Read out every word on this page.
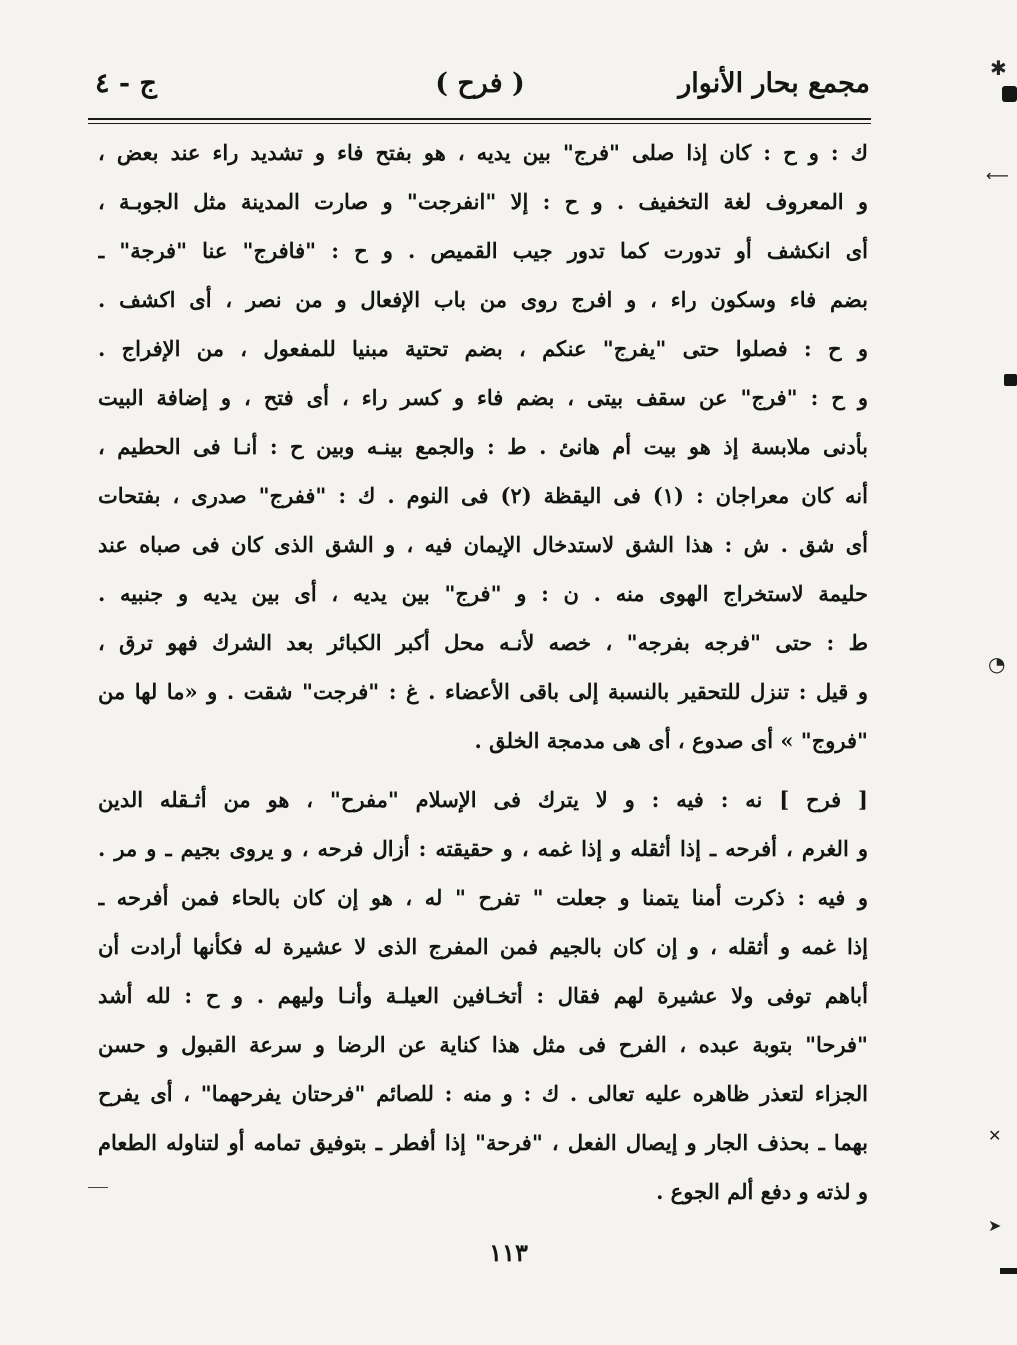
مجمع بحار الأنوار
( فرح )
ج - ٤
ك : و ح : كان إذا صلى "فرج" بين يديه ، هو بفتح فاء و تشديد راء عند بعض ،
و المعروف لغة التخفيف . و ح : إلا "انفرجت" و صارت المدينة مثل الجوبـة ،
أى انكشف أو تدورت كما تدور جيب القميص . و ح : "فافرج" عنا "فرجة" ـ
بضم فاء وسكون راء ، و افرج روى من باب الإفعال و من نصر ، أى اكشف .
و ح : فصلوا حتى "يفرج" عنكم ، بضم تحتية مبنيا للمفعول ، من الإفراج .
و ح : "فرج" عن سقف بيتى ، بضم فاء و كسر راء ، أى فتح ، و إضافة البيت
بأدنى ملابسة إذ هو بيت أم هانئ . ط : والجمع بينـه وبين ح : أنـا فى الحطيم ،
أنه كان معراجان : (١) فى اليقظة (٢) فى النوم . ك : "ففرج" صدرى ، بفتحات
أى شق . ش : هذا الشق لاستدخال الإيمان فيه ، و الشق الذى كان فى صباه عند
حليمة لاستخراج الهوى منه . ن : و "فرج" بين يديه ، أى بين يديه و جنبيه .
ط : حتى "فرجه بفرجه" ، خصه لأنـه محل أكبر الكبائر بعد الشرك فهو ترق ،
و قيل : تنزل للتحقير بالنسبة إلى باقى الأعضاء . غ : "فرجت" شقت . و «ما لها من
"فروج" » أى صدوع ، أى هى مدمجة الخلق .
[ فرح ] نه : فيه : و لا يترك فى الإسلام "مفرح" ، هو من أثـقله الدين
و الغرم ، أفرحه ـ إذا أثقله و إذا غمه ، و حقيقته : أزال فرحه ، و يروى بجيم ـ و مر .
و فيه : ذكرت أمنا يتمنا و جعلت " تفرح " له ، هو إن كان بالحاء فمن أفرحه ـ
إذا غمه و أثقله ، و إن كان بالجيم فمن المفرج الذى لا عشيرة له فكأنها أرادت أن
أباهم توفى ولا عشيرة لهم فقال : أتخـافين العيلـة وأنـا وليهم . و ح : لله أشد
"فرحا" بتوبة عبده ، الفرح فى مثل هذا كناية عن الرضا و سرعة القبول و حسن
الجزاء لتعذر ظاهره عليه تعالى . ك : و منه : للصائم "فرحتان يفرحهما" ، أى يفرح
بهما ـ بحذف الجار و إيصال الفعل ، "فرحة" إذا أفطر ـ بتوفيق تمامه أو لتناوله الطعام
و لذته و دفع ألم الجوع .
١١٣
✱
⟵
◔
✕
➤
